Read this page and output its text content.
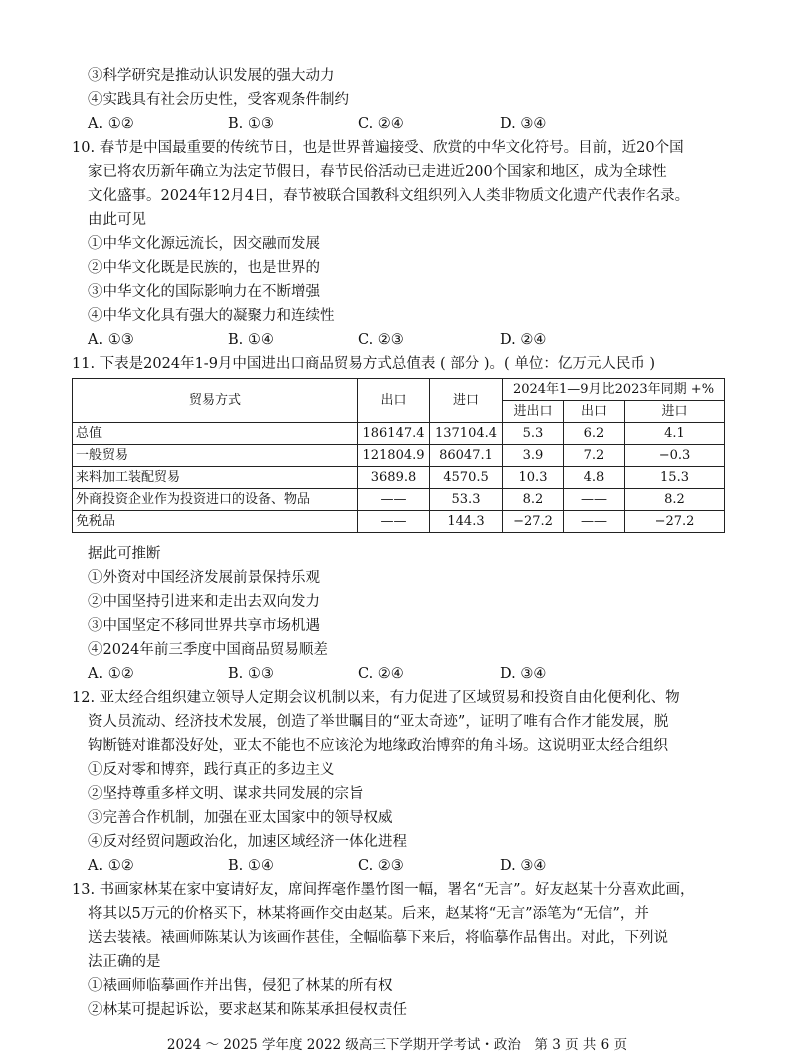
③科学研究是推动认识发展的强大动力
④实践具有社会历史性，受客观条件制约
A. ①②	B. ①③	C. ②④	D. ③④
10. 春节是中国最重要的传统节日，也是世界普遍接受、欣赏的中华文化符号。目前，近20个国
家已将农历新年确立为法定节假日，春节民俗活动已走进近200个国家和地区，成为全球性
文化盛事。2024年12月4日，春节被联合国教科文组织列入人类非物质文化遗产代表作名录。
由此可见
①中华文化源远流长，因交融而发展
②中华文化既是民族的，也是世界的
③中华文化的国际影响力在不断增强
④中华文化具有强大的凝聚力和连续性
A. ①③	B. ①④	C. ②③	D. ②④
11. 下表是2024年1-9月中国进出口商品贸易方式总值表 ( 部分 )。( 单位：亿万元人民币 )
贸易方式	出口	进口	2024年1—9月比2023年同期 +%		
			进出口	出口	进口
总值	186147.4	137104.4	5.3	6.2	4.1
一般贸易	121804.9	86047.1	3.9	7.2	−0.3
来料加工装配贸易	3689.8	4570.5	10.3	4.8	15.3
外商投资企业作为投资进口的设备、物品	——	53.3	8.2	——	8.2
免税品	——	144.3	−27.2	——	−27.2
据此可推断
①外资对中国经济发展前景保持乐观
②中国坚持引进来和走出去双向发力
③中国坚定不移同世界共享市场机遇
④2024年前三季度中国商品贸易顺差
A. ①②	B. ①③	C. ②④	D. ③④
12. 亚太经合组织建立领导人定期会议机制以来，有力促进了区域贸易和投资自由化便利化、物
资人员流动、经济技术发展，创造了举世瞩目的“亚太奇迹”，证明了唯有合作才能发展，脱
钩断链对谁都没好处，亚太不能也不应该沦为地缘政治博弈的角斗场。这说明亚太经合组织
①反对零和博弈，践行真正的多边主义
②坚持尊重多样文明、谋求共同发展的宗旨
③完善合作机制，加强在亚太国家中的领导权威
④反对经贸问题政治化，加速区域经济一体化进程
A. ①②	B. ①④	C. ②③	D. ③④
13. 书画家林某在家中宴请好友，席间挥毫作墨竹图一幅，署名“无言”。好友赵某十分喜欢此画，
将其以5万元的价格买下，林某将画作交由赵某。后来，赵某将“无言”添笔为“无信”，并
送去装裱。裱画师陈某认为该画作甚佳，全幅临摹下来后，将临摹作品售出。对此，下列说
法正确的是
①裱画师临摹画作并出售，侵犯了林某的所有权
②林某可提起诉讼，要求赵某和陈某承担侵权责任
2024 ～ 2025 学年度 2022 级高三下学期开学考试・政治　第 3 页 共 6 页
